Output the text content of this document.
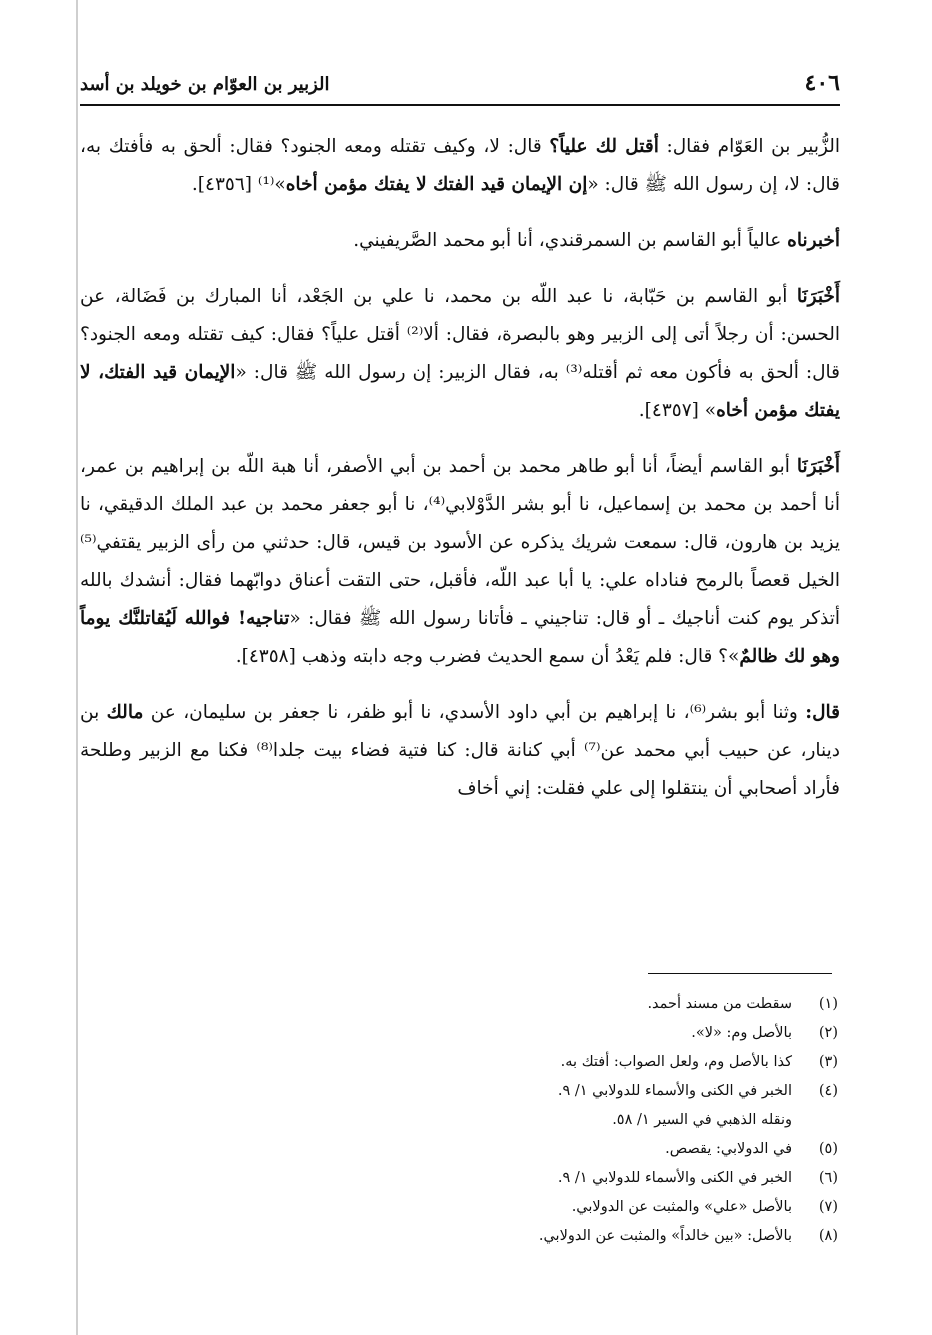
٤٠٦
الزبير بن العوّام بن خويلد بن أسد

الزُّبير بن العَوّام فقال: أقتل لك علياً؟ قال: لا، وكيف تقتله ومعه الجنود؟ فقال: ألحق به فأفتك به، قال: لا، إن رسول الله ﷺ قال: «إن الإيمان قيد الفتك لا يفتك مؤمن أخاه»⁽¹⁾ [٤٣٥٦].

أخبرناه عالياً أبو القاسم بن السمرقندي، أنا أبو محمد الصَّريفيني.

أَخْبَرَنَا أبو القاسم بن حَبّابة، نا عبد اللّه بن محمد، نا علي بن الجَعْد، أنا المبارك بن فَضَالة، عن الحسن: أن رجلاً أتى إلى الزبير وهو بالبصرة، فقال: ألا⁽²⁾ أقتل علياً؟ فقال: كيف تقتله ومعه الجنود؟ قال: ألحق به فأكون معه ثم أقتله⁽³⁾ به، فقال الزبير: إن رسول الله ﷺ قال: «الإيمان قيد الفتك، لا يفتك مؤمن أخاه» [٤٣٥٧].

أَخْبَرَنَا أبو القاسم أيضاً، أنا أبو طاهر محمد بن أحمد بن أبي الأصفر، أنا هبة اللّه بن إبراهيم بن عمر، أنا أحمد بن محمد بن إسماعيل، نا أبو بشر الدَّوْلابي⁽⁴⁾، نا أبو جعفر محمد بن عبد الملك الدقيقي، نا يزيد بن هارون، قال: سمعت شريك يذكره عن الأسود بن قيس، قال: حدثني من رأى الزبير يقتفي⁽⁵⁾ الخيل قعصاً بالرمح فناداه علي: يا أبا عبد اللّه، فأقبل، حتى التقت أعناق دوابّهما فقال: أنشدك بالله أتذكر يوم كنت أناجيك ـ أو قال: تناجيني ـ فأتانا رسول الله ﷺ فقال: «تناجيه! فوالله لَيُقاتلنَّك يوماً وهو لك ظالمٌ»؟ قال: فلم يَعْدُ أن سمع الحديث فضرب وجه دابته وذهب [٤٣٥٨].

قال: وثنا أبو بشر⁽⁶⁾، نا إبراهيم بن أبي داود الأسدي، نا أبو ظفر، نا جعفر بن سليمان، عن مالك بن دينار، عن حبيب أبي محمد عن⁽⁷⁾ أبي كنانة قال: كنا فتية فضاء بيت جلدا⁽⁸⁾ فكنا مع الزبير وطلحة فأراد أصحابي أن ينتقلوا إلى علي فقلت: إني أخاف

(١)
سقطت من مسند أحمد.
(٢)
بالأصل وم: «لا».
(٣)
كذا بالأصل وم، ولعل الصواب: أفتك به.
(٤)
الخبر في الكنى والأسماء للدولابي ١/ ٩.
ونقله الذهبي في السير ١/ ٥٨.
(٥)
في الدولابي: يقصص.
(٦)
الخبر في الكنى والأسماء للدولابي ١/ ٩.
(٧)
بالأصل «علي» والمثبت عن الدولابي.
(٨)
بالأصل: «بين خالداً» والمثبت عن الدولابي.
